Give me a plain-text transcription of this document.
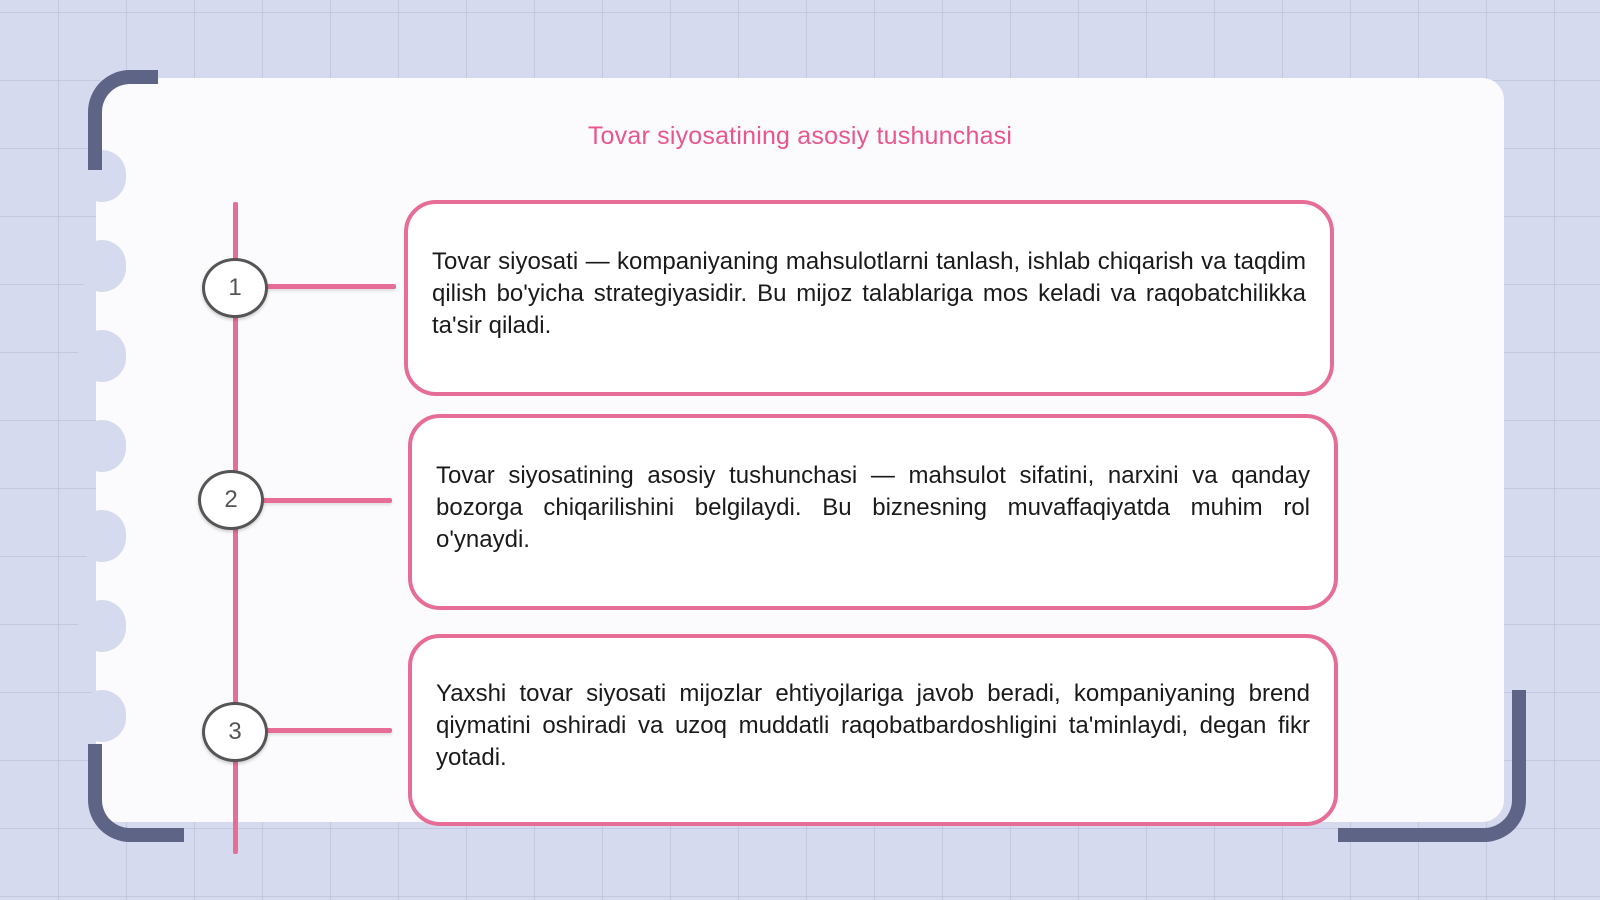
Tovar siyosatining asosiy tushunchasi
1
Tovar siyosati — kompaniyaning mahsulotlarni tanlash, ishlab chiqarish va taqdim qilish bo'yicha strategiyasidir. Bu mijoz talablariga mos keladi va raqobatchilikka ta'sir qiladi.
2
Tovar siyosatining asosiy tushunchasi — mahsulot sifatini, narxini va qanday bozorga chiqarilishini belgilaydi. Bu biznesning muvaffaqiyatda muhim rol o'ynaydi.
3
Yaxshi tovar siyosati mijozlar ehtiyojlariga javob beradi, kompaniyaning brend qiymatini oshiradi va uzoq muddatli raqobatbardoshligini ta'minlaydi, degan fikr yotadi.
